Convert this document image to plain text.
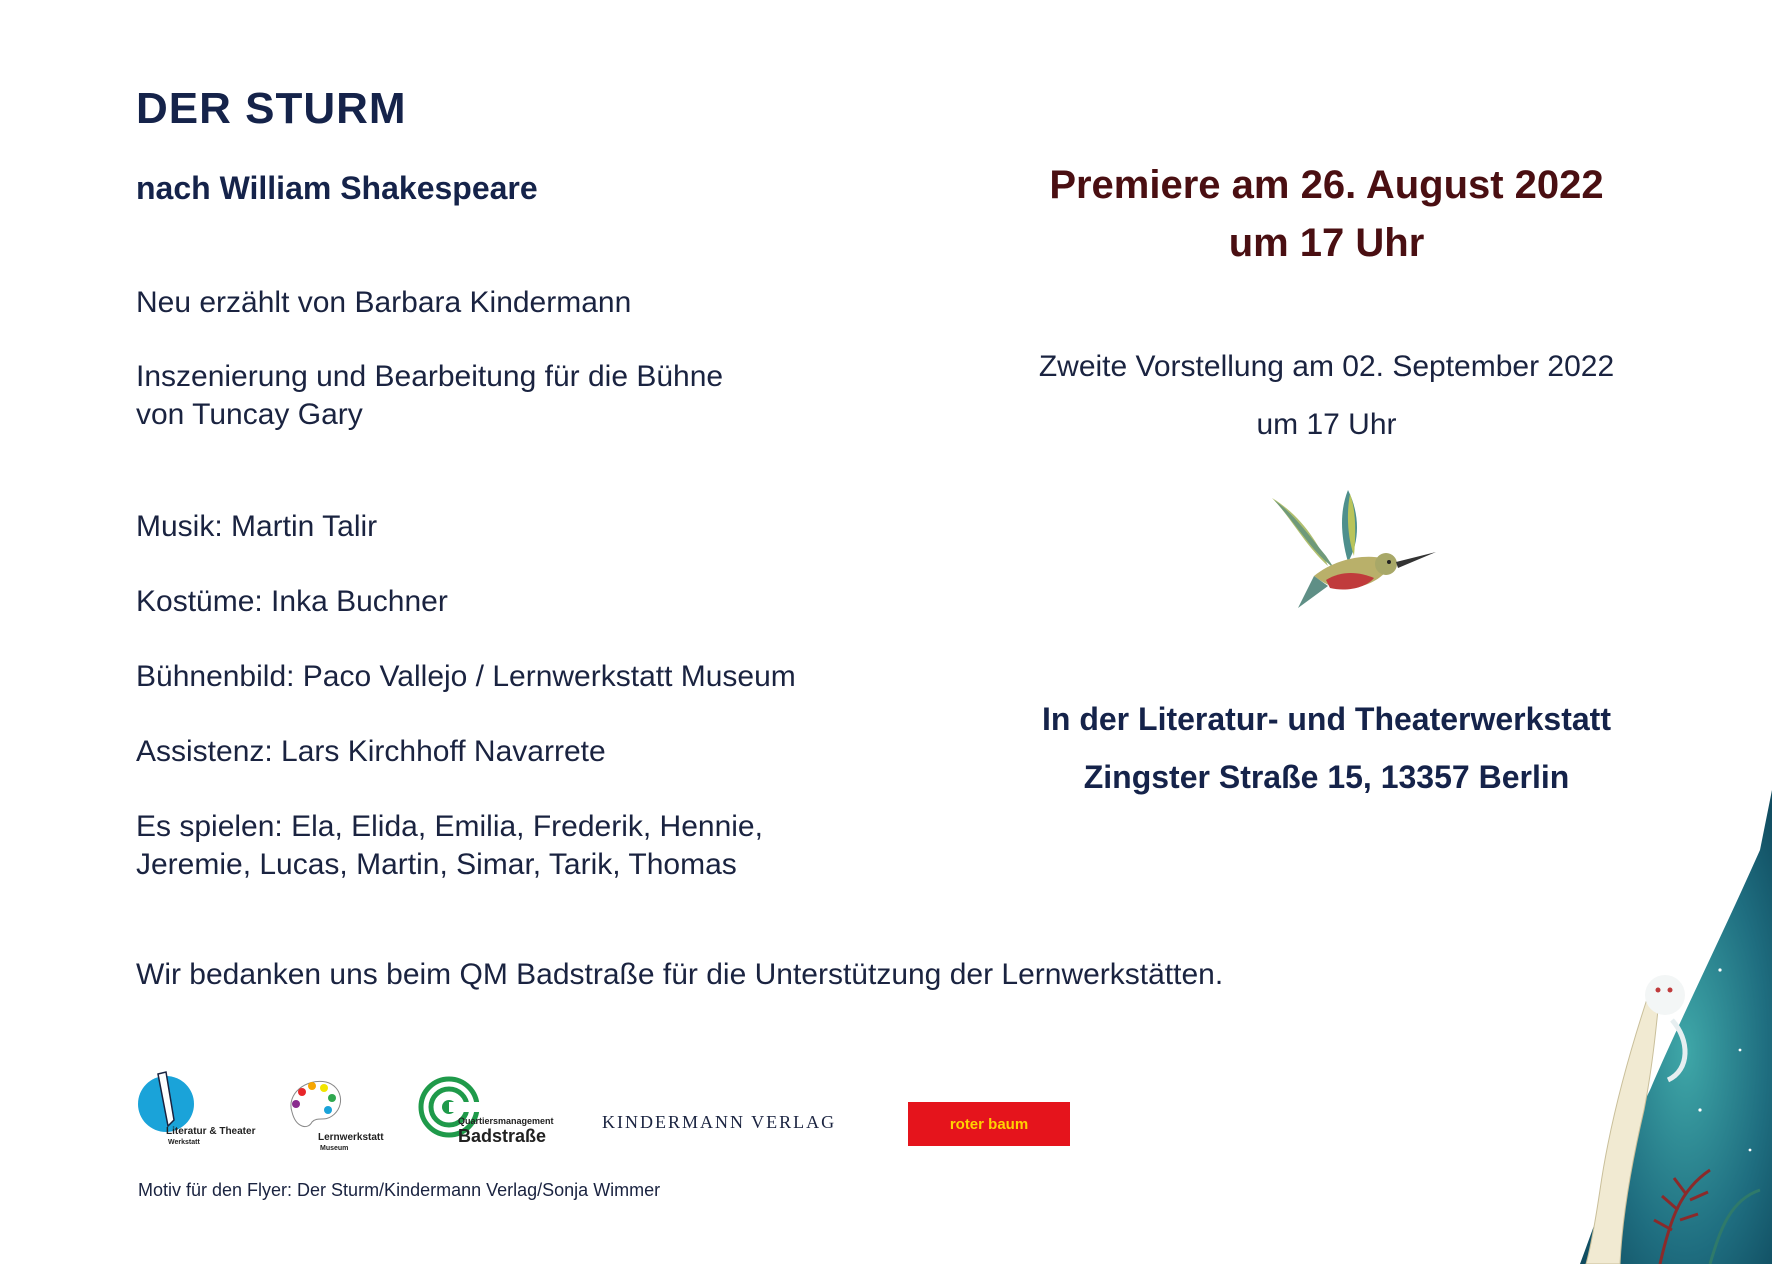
DER STURM
nach William Shakespeare
Neu erzählt von Barbara Kindermann
Inszenierung und Bearbeitung für die Bühne
von Tuncay Gary
Musik: Martin Talir
Kostüme: Inka Buchner
Bühnenbild: Paco Vallejo / Lernwerkstatt Museum
Assistenz: Lars Kirchhoff Navarrete
Es spielen: Ela, Elida, Emilia, Frederik, Hennie,
Jeremie, Lucas, Martin, Simar, Tarik, Thomas
Premiere am 26. August 2022
um 17 Uhr
Zweite Vorstellung am 02. September 2022
um 17 Uhr
In der Literatur- und Theaterwerkstatt
Zingster Straße 15, 13357 Berlin
Wir bedanken uns beim QM Badstraße für die Unterstützung der Lernwerkstätten.
Literatur & Theater
Werkstatt	Lernwerkstatt
Museum
Quartiersmanagement
Badstraße
KINDERMANN VERLAG	roter baum
Motiv für den Flyer: Der Sturm/Kindermann Verlag/Sonja Wimmer
